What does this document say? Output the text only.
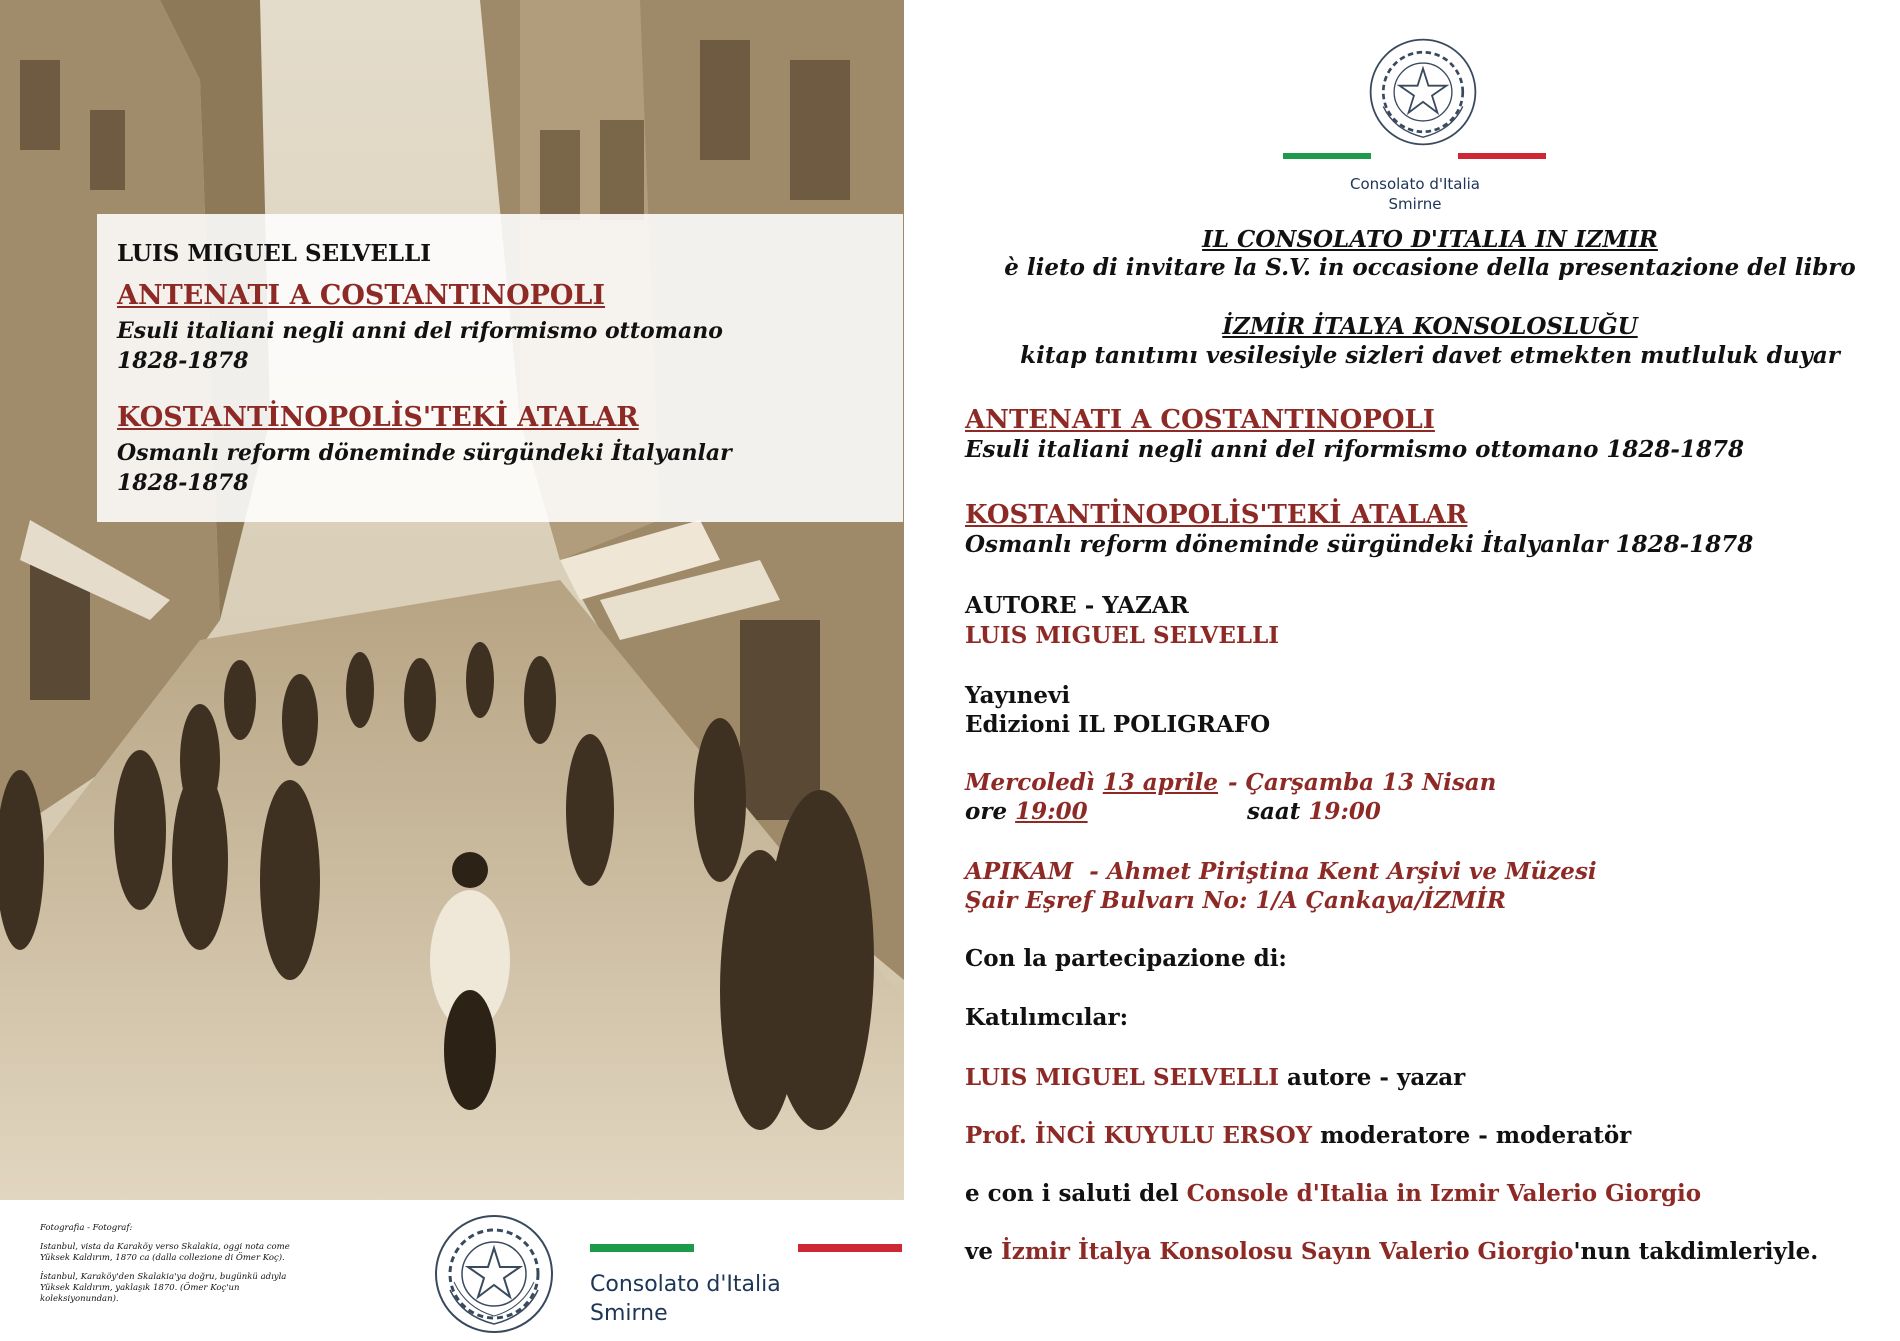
LUIS MIGUEL SELVELLI
ANTENATI A COSTANTINOPOLI
Esuli italiani negli anni del riformismo ottomano
1828-1878
KOSTANTİNOPOLİS'TEKİ ATALAR
Osmanlı reform döneminde sürgündeki İtalyanlar
1828-1878

Fotografia - Fotograf:

Istanbul, vista da Karaköy verso Skalakia, oggi nota come Yüksek Kaldırım, 1870 ca (dalla collezione di Ömer Koç).

İstanbul, Karaköy'den Skalakia'ya doğru, bugünkü adıyla Yüksek Kaldırım, yaklaşık 1870. (Ömer Koç'un koleksiyonundan).

Consolato d'Italia
Smirne
Consolato d'Italia
Smirne
IL CONSOLATO D'ITALIA IN IZMIR
è lieto di invitare la S.V. in occasione della presentazione del libro
İZMİR İTALYA KONSOLOSLUĞU
kitap tanıtımı vesilesiyle sizleri davet etmekten mutluluk duyar
ANTENATI A COSTANTINOPOLI
Esuli italiani negli anni del riformismo ottomano 1828-1878
KOSTANTİNOPOLİS'TEKİ ATALAR
Osmanlı reform döneminde sürgündeki İtalyanlar 1828-1878
AUTORE - YAZAR
LUIS MIGUEL SELVELLI
Yayınevi
Edizioni IL POLIGRAFO
Mercoledì 13 aprile - Çarşamba 13 Nisan
ore 19:00	saat 19:00
APIKAM  - Ahmet Piriştina Kent Arşivi ve Müzesi
Şair Eşref Bulvarı No: 1/A Çankaya/İZMİR
Con la partecipazione di:
Katılımcılar:
LUIS MIGUEL SELVELLI autore - yazar
Prof. İNCİ KUYULU ERSOY moderatore - moderatör
e con i saluti del Console d'Italia in Izmir Valerio Giorgio
ve İzmir İtalya Konsolosu Sayın Valerio Giorgio'nun takdimleriyle.
